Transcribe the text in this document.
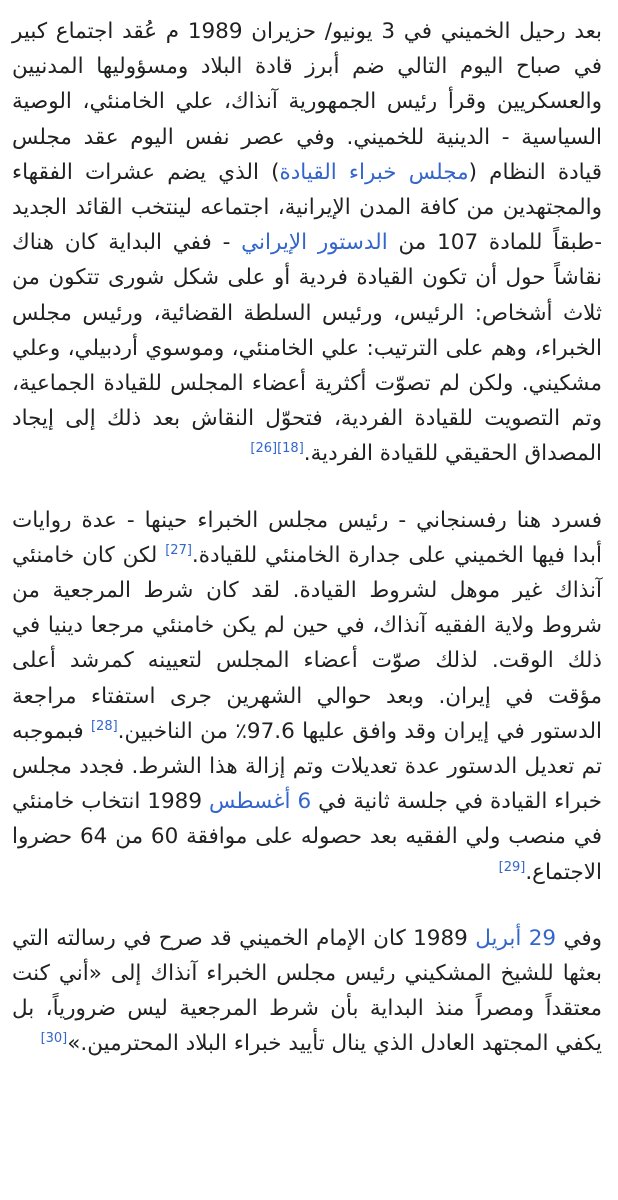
بعد رحيل الخميني في 3 يونيو/ حزيران 1989 م عُقد اجتماع كبير في صباح اليوم التالي ضم أبرز قادة البلاد ومسؤوليها المدنيين والعسكريين وقرأ رئيس الجمهورية آنذاك، علي الخامنئي، الوصية السياسية - الدينية للخميني. وفي عصر نفس اليوم عقد مجلس قيادة النظام (مجلس خبراء القيادة) الذي يضم عشرات الفقهاء والمجتهدين من كافة المدن الإيرانية، اجتماعه لينتخب القائد الجديد -طبقاً للمادة 107 من الدستور الإيراني - ففي البداية كان هناك نقاشاً حول أن تكون القيادة فردية أو على شكل شورى تتكون من ثلاث أشخاص: الرئيس، ورئيس السلطة القضائية، ورئيس مجلس الخبراء، وهم على الترتيب: علي الخامنئي، وموسوي أردبيلي، وعلي مشكيني. ولكن لم تصوّت أكثرية أعضاء المجلس للقيادة الجماعية، وتم التصويت للقيادة الفردية، فتحوّل النقاش بعد ذلك إلى إيجاد المصداق الحقيقي للقيادة الفردية.[18][26]

فسرد هنا رفسنجاني - رئيس مجلس الخبراء حينها - عدة روايات أبدا فيها الخميني على جدارة الخامنئي للقيادة.[27] لكن كان خامنئي آنذاك غير موهل لشروط القيادة. لقد كان شرط المرجعية من شروط ولاية الفقيه آنذاك، في حين لم يكن خامنئي مرجعا دينيا في ذلك الوقت. لذلك صوّت أعضاء المجلس لتعيينه كمرشد أعلى مؤقت في إيران. وبعد حوالي الشهرين جرى استفتاء مراجعة الدستور في إيران وقد وافق عليها 97.6٪ من الناخبين.[28] فبموجبه تم تعديل الدستور عدة تعديلات وتم إزالة هذا الشرط. فجدد مجلس خبراء القيادة في جلسة ثانية في 6 أغسطس 1989 انتخاب خامنئي في منصب ولي الفقيه بعد حصوله على موافقة 60 من 64 حضروا الاجتماع.[29]

وفي 29 أبريل 1989 كان الإمام الخميني قد صرح في رسالته التي بعثها للشيخ المشكيني رئيس مجلس الخبراء آنذاك إلى «أني كنت معتقداً ومصراً منذ البداية بأن شرط المرجعية ليس ضرورياً، بل يكفي المجتهد العادل الذي ينال تأييد خبراء البلاد المحترمين.»[30]
